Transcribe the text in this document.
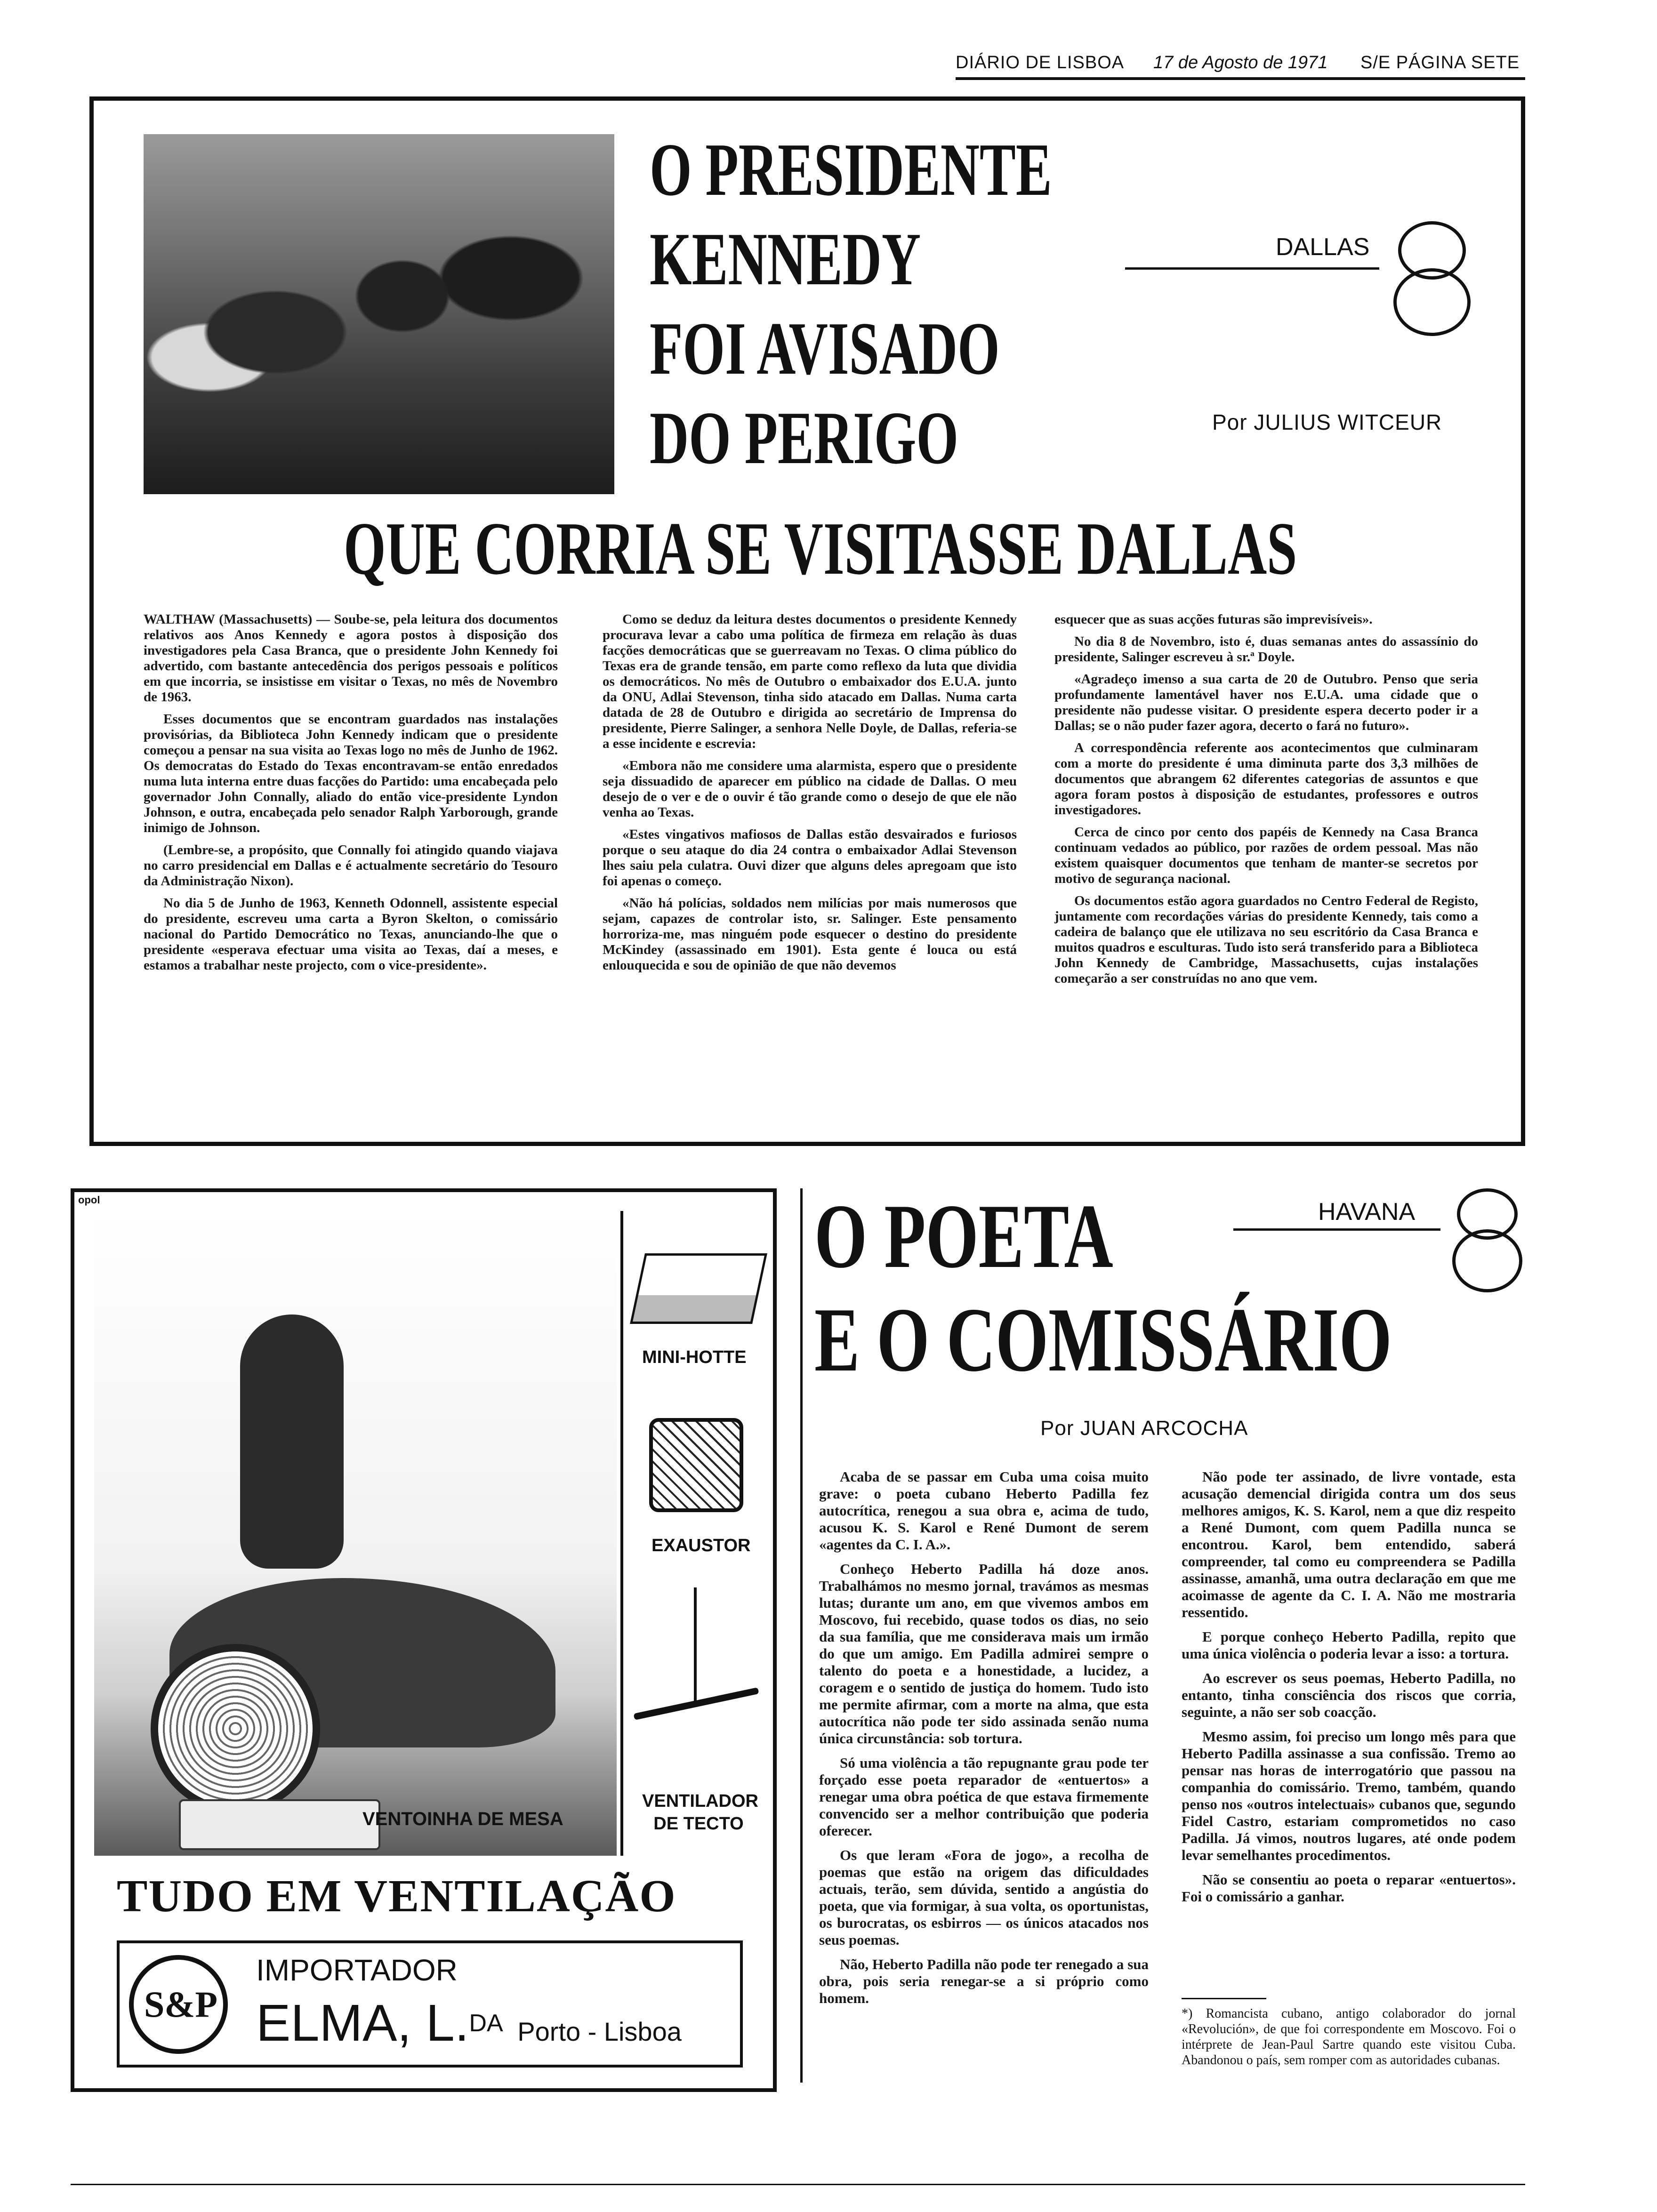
DIÁRIO DE LISBOA 17 de Agosto de 1971 S/E PÁGINA SETE
O PRESIDENTE
KENNEDY
FOI AVISADO
DO PERIGO
QUE CORRIA SE VISITASSE DALLAS
DALLAS
Por JULIUS WITCEUR

WALTHAW (Massachusetts) — Soube-se, pela leitura dos documentos relativos aos Anos Kennedy e agora postos à disposição dos investigadores pela Casa Branca, que o presidente John Kennedy foi advertido, com bastante antecedência dos perigos pessoais e políticos em que incorria, se insistisse em visitar o Texas, no mês de Novembro de 1963.

Esses documentos que se encontram guardados nas instalações provisórias, da Biblioteca John Kennedy indicam que o presidente começou a pensar na sua visita ao Texas logo no mês de Junho de 1962. Os democratas do Estado do Texas encontravam-se então enredados numa luta interna entre duas facções do Partido: uma encabeçada pelo governador John Connally, aliado do então vice-presidente Lyndon Johnson, e outra, encabeçada pelo senador Ralph Yarborough, grande inimigo de Johnson.

(Lembre-se, a propósito, que Connally foi atingido quando viajava no carro presidencial em Dallas e é actualmente secretário do Tesouro da Administração Nixon).

No dia 5 de Junho de 1963, Kenneth Odonnell, assistente especial do presidente, escreveu uma carta a Byron Skelton, o comissário nacional do Partido Democrático no Texas, anunciando-lhe que o presidente «esperava efectuar uma visita ao Texas, daí a meses, e estamos a trabalhar neste projecto, com o vice-presidente».

Como se deduz da leitura destes documentos o presidente Kennedy procurava levar a cabo uma política de firmeza em relação às duas facções democráticas que se guerreavam no Texas. O clima público do Texas era de grande tensão, em parte como reflexo da luta que dividia os democráticos. No mês de Outubro o embaixador dos E.U.A. junto da ONU, Adlai Stevenson, tinha sido atacado em Dallas. Numa carta datada de 28 de Outubro e dirigida ao secretário de Imprensa do presidente, Pierre Salinger, a senhora Nelle Doyle, de Dallas, referia-se a esse incidente e escrevia:

«Embora não me considere uma alarmista, espero que o presidente seja dissuadido de aparecer em público na cidade de Dallas. O meu desejo de o ver e de o ouvir é tão grande como o desejo de que ele não venha ao Texas.

«Estes vingativos mafiosos de Dallas estão desvairados e furiosos porque o seu ataque do dia 24 contra o embaixador Adlai Stevenson lhes saiu pela culatra. Ouvi dizer que alguns deles apregoam que isto foi apenas o começo.

«Não há polícias, soldados nem milícias por mais numerosos que sejam, capazes de controlar isto, sr. Salinger. Este pensamento horroriza-me, mas ninguém pode esquecer o destino do presidente McKindey (assassinado em 1901). Esta gente é louca ou está enlouquecida e sou de opinião de que não devemos

esquecer que as suas acções futuras são imprevisíveis».

No dia 8 de Novembro, isto é, duas semanas antes do assassínio do presidente, Salinger escreveu à sr.ª Doyle.

«Agradeço imenso a sua carta de 20 de Outubro. Penso que seria profundamente lamentável haver nos E.U.A. uma cidade que o presidente não pudesse visitar. O presidente espera decerto poder ir a Dallas; se o não puder fazer agora, decerto o fará no futuro».

A correspondência referente aos acontecimentos que culminaram com a morte do presidente é uma diminuta parte dos 3,3 milhões de documentos que abrangem 62 diferentes categorias de assuntos e que agora foram postos à disposição de estudantes, professores e outros investigadores.

Cerca de cinco por cento dos papéis de Kennedy na Casa Branca continuam vedados ao público, por razões de ordem pessoal. Mas não existem quaisquer documentos que tenham de manter-se secretos por motivo de segurança nacional.

Os documentos estão agora guardados no Centro Federal de Registo, juntamente com recordações várias do presidente Kennedy, tais como a cadeira de balanço que ele utilizava no seu escritório da Casa Branca e muitos quadros e esculturas. Tudo isto será transferido para a Biblioteca John Kennedy de Cambridge, Massachusetts, cujas instalações começarão a ser construídas no ano que vem.

opol
VENTOINHA DE MESA
MINI-HOTTE
EXAUSTOR
VENTILADOR DE TECTO
TUDO EM VENTILAÇÃO
S&P
IMPORTADOR
ELMA, L.$^{DA}$ Porto - Lisboa
O POETA
E O COMISSÁRIO
HAVANA
Por JUAN ARCOCHA

Acaba de se passar em Cuba uma coisa muito grave: o poeta cubano Heberto Padilla fez autocrítica, renegou a sua obra e, acima de tudo, acusou K. S. Karol e René Dumont de serem «agentes da C. I. A.».

Conheço Heberto Padilla há doze anos. Trabalhámos no mesmo jornal, travámos as mesmas lutas; durante um ano, em que vivemos ambos em Moscovo, fui recebido, quase todos os dias, no seio da sua família, que me considerava mais um irmão do que um amigo. Em Padilla admirei sempre o talento do poeta e a honestidade, a lucidez, a coragem e o sentido de justiça do homem. Tudo isto me permite afirmar, com a morte na alma, que esta autocrítica não pode ter sido assinada senão numa única circunstância: sob tortura.

Só uma violência a tão repugnante grau pode ter forçado esse poeta reparador de «entuertos» a renegar uma obra poética de que estava firmemente convencido ser a melhor contribuição que poderia oferecer.

Os que leram «Fora de jogo», a recolha de poemas que estão na origem das dificuldades actuais, terão, sem dúvida, sentido a angústia do poeta, que via formigar, à sua volta, os oportunistas, os burocratas, os esbirros — os únicos atacados nos seus poemas.

Não, Heberto Padilla não pode ter renegado a sua obra, pois seria renegar-se a si próprio como homem.

Não pode ter assinado, de livre vontade, esta acusação demencial dirigida contra um dos seus melhores amigos, K. S. Karol, nem a que diz respeito a René Dumont, com quem Padilla nunca se encontrou. Karol, bem entendido, saberá compreender, tal como eu compreendera se Padilla assinasse, amanhã, uma outra declaração em que me acoimasse de agente da C. I. A. Não me mostraria ressentido.

E porque conheço Heberto Padilla, repito que uma única violência o poderia levar a isso: a tortura.

Ao escrever os seus poemas, Heberto Padilla, no entanto, tinha consciência dos riscos que corria, seguinte, a não ser sob coacção.

Mesmo assim, foi preciso um longo mês para que Heberto Padilla assinasse a sua confissão. Tremo ao pensar nas horas de interrogatório que passou na companhia do comissário. Tremo, também, quando penso nos «outros intelectuais» cubanos que, segundo Fidel Castro, estariam comprometidos no caso Padilla. Já vimos, noutros lugares, até onde podem levar semelhantes procedimentos.

Não se consentiu ao poeta o reparar «entuertos». Foi o comissário a ganhar.

*) Romancista cubano, antigo colaborador do jornal «Revolución», de que foi correspondente em Moscovo. Foi o intérprete de Jean-Paul Sartre quando este visitou Cuba. Abandonou o país, sem romper com as autoridades cubanas.
